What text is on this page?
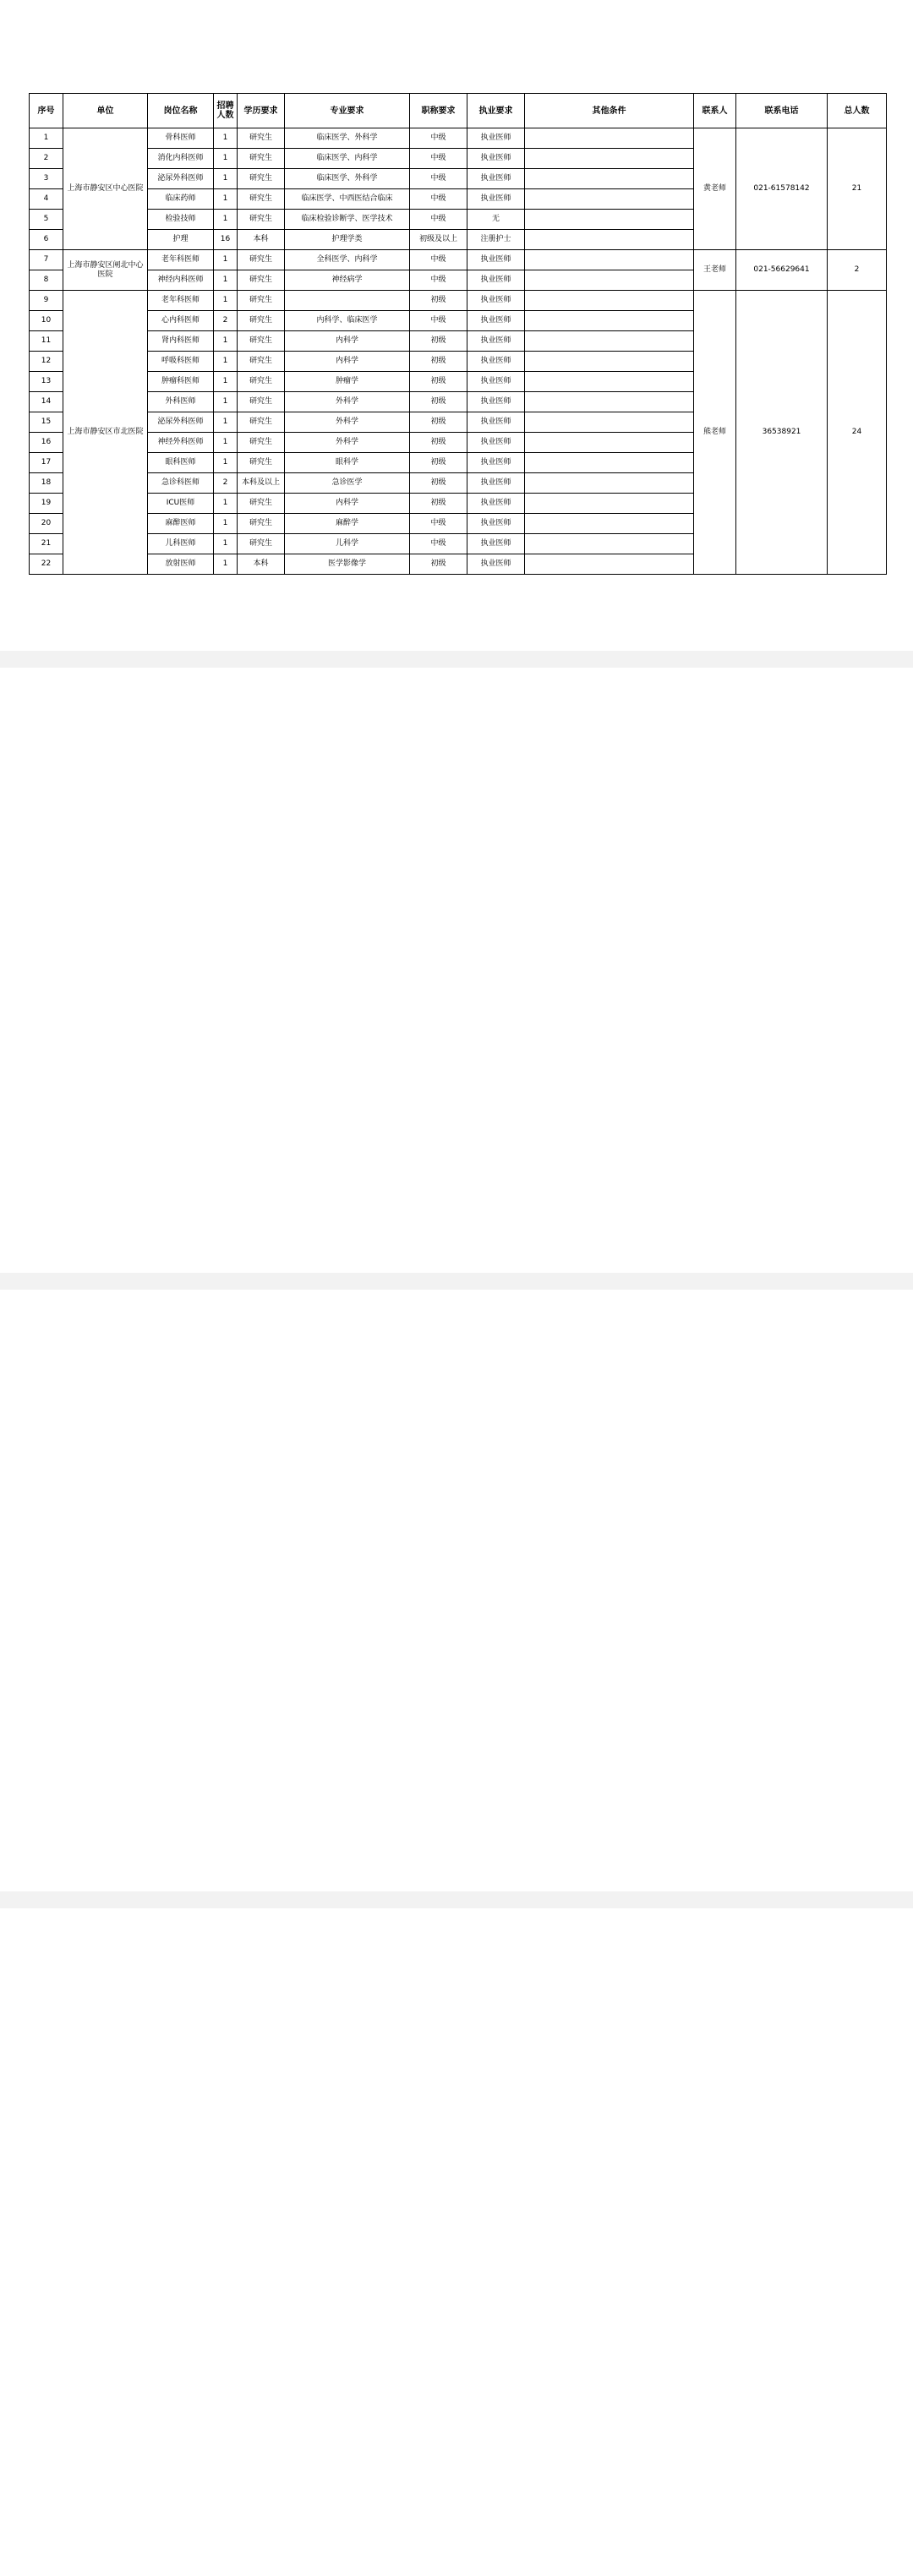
序号	单位	岗位名称	招聘人数	学历要求	专业要求	职称要求	执业要求	其他条件	联系人	联系电话	总人数
1	上海市静安区中心医院	骨科医师	1	研究生	临床医学、外科学	中级	执业医师		黄老师	021-61578142	21
2		消化内科医师	1	研究生	临床医学、内科学	中级	执业医师				
3		泌尿外科医师	1	研究生	临床医学、外科学	中级	执业医师				
4		临床药师	1	研究生	临床医学、中西医结合临床	中级	执业医师				
5		检验技师	1	研究生	临床检验诊断学、医学技术	中级	无				
6		护理	16	本科	护理学类	初级及以上	注册护士				
7	上海市静安区闸北中心医院	老年科医师	1	研究生	全科医学、内科学	中级	执业医师		王老师	021-56629641	2
8		神经内科医师	1	研究生	神经病学	中级	执业医师				
9	上海市静安区市北医院	老年科医师	1	研究生		初级	执业医师		熊老师	36538921	24
10		心内科医师	2	研究生	内科学、临床医学	中级	执业医师				
11		肾内科医师	1	研究生	内科学	初级	执业医师				
12		呼吸科医师	1	研究生	内科学	初级	执业医师				
13		肿瘤科医师	1	研究生	肿瘤学	初级	执业医师				
14		外科医师	1	研究生	外科学	初级	执业医师				
15		泌尿外科医师	1	研究生	外科学	初级	执业医师				
16		神经外科医师	1	研究生	外科学	初级	执业医师				
17		眼科医师	1	研究生	眼科学	初级	执业医师				
18		急诊科医师	2	本科及以上	急诊医学	初级	执业医师				
19		ICU医师	1	研究生	内科学	初级	执业医师				
20		麻醉医师	1	研究生	麻醉学	中级	执业医师				
21		儿科医师	1	研究生	儿科学	中级	执业医师				
22		放射医师	1	本科	医学影像学	初级	执业医师				
